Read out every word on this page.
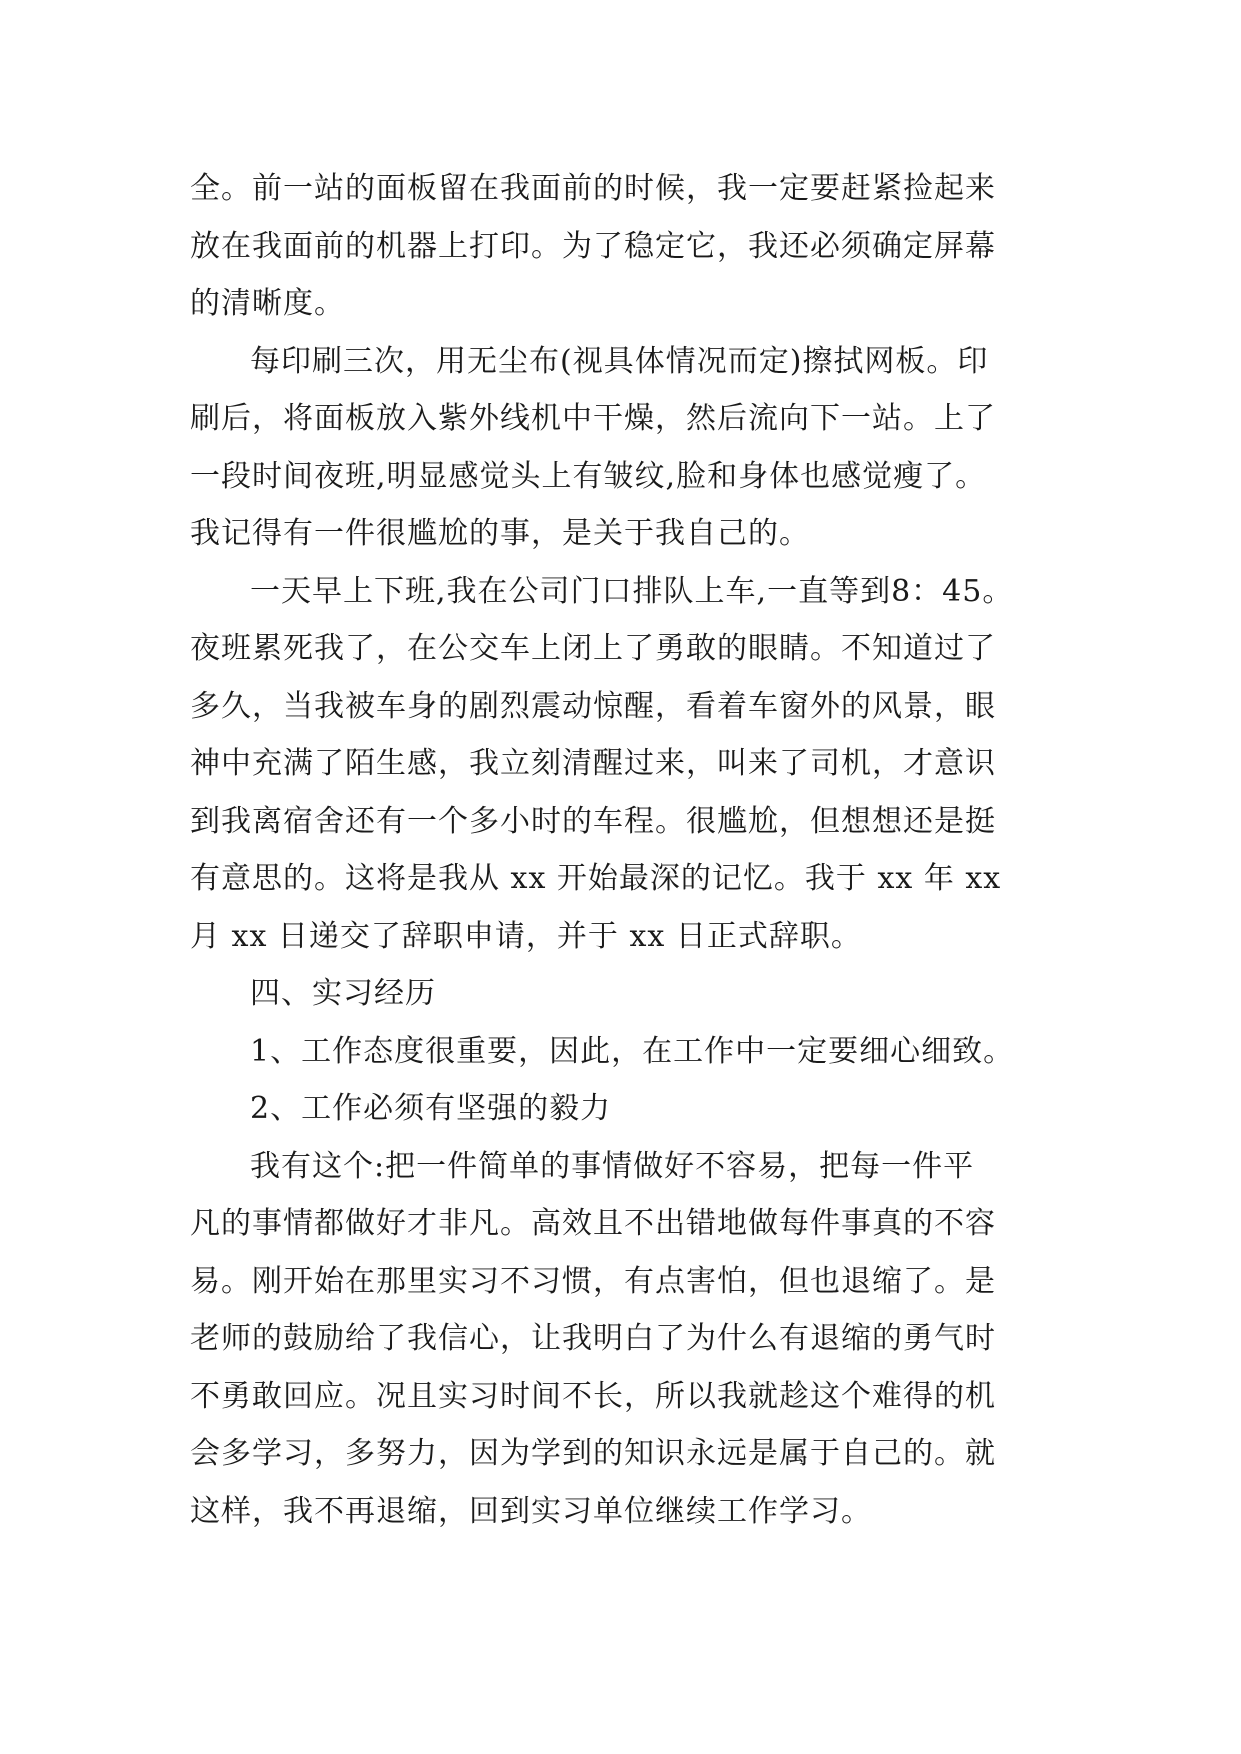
全。前一站的面板留在我面前的时候，我一定要赶紧捡起来
放在我面前的机器上打印。为了稳定它，我还必须确定屏幕
的清晰度。

每印刷三次，用无尘布(视具体情况而定)擦拭网板。印
刷后，将面板放入紫外线机中干燥，然后流向下一站。上了
一段时间夜班,明显感觉头上有皱纹,脸和身体也感觉瘦了。
我记得有一件很尴尬的事，是关于我自己的。

一天早上下班,我在公司门口排队上车,一直等到8：45。
夜班累死我了，在公交车上闭上了勇敢的眼睛。不知道过了
多久，当我被车身的剧烈震动惊醒，看着车窗外的风景，眼
神中充满了陌生感，我立刻清醒过来，叫来了司机，才意识
到我离宿舍还有一个多小时的车程。很尴尬，但想想还是挺
有意思的。这将是我从 xx 开始最深的记忆。我于 xx 年 xx
月 xx 日递交了辞职申请，并于 xx 日正式辞职。

四、实习经历

1、工作态度很重要，因此，在工作中一定要细心细致。

2、工作必须有坚强的毅力

我有这个:把一件简单的事情做好不容易，把每一件平
凡的事情都做好才非凡。高效且不出错地做每件事真的不容
易。刚开始在那里实习不习惯，有点害怕，但也退缩了。是
老师的鼓励给了我信心，让我明白了为什么有退缩的勇气时
不勇敢回应。况且实习时间不长，所以我就趁这个难得的机
会多学习，多努力，因为学到的知识永远是属于自己的。就
这样，我不再退缩，回到实习单位继续工作学习。
